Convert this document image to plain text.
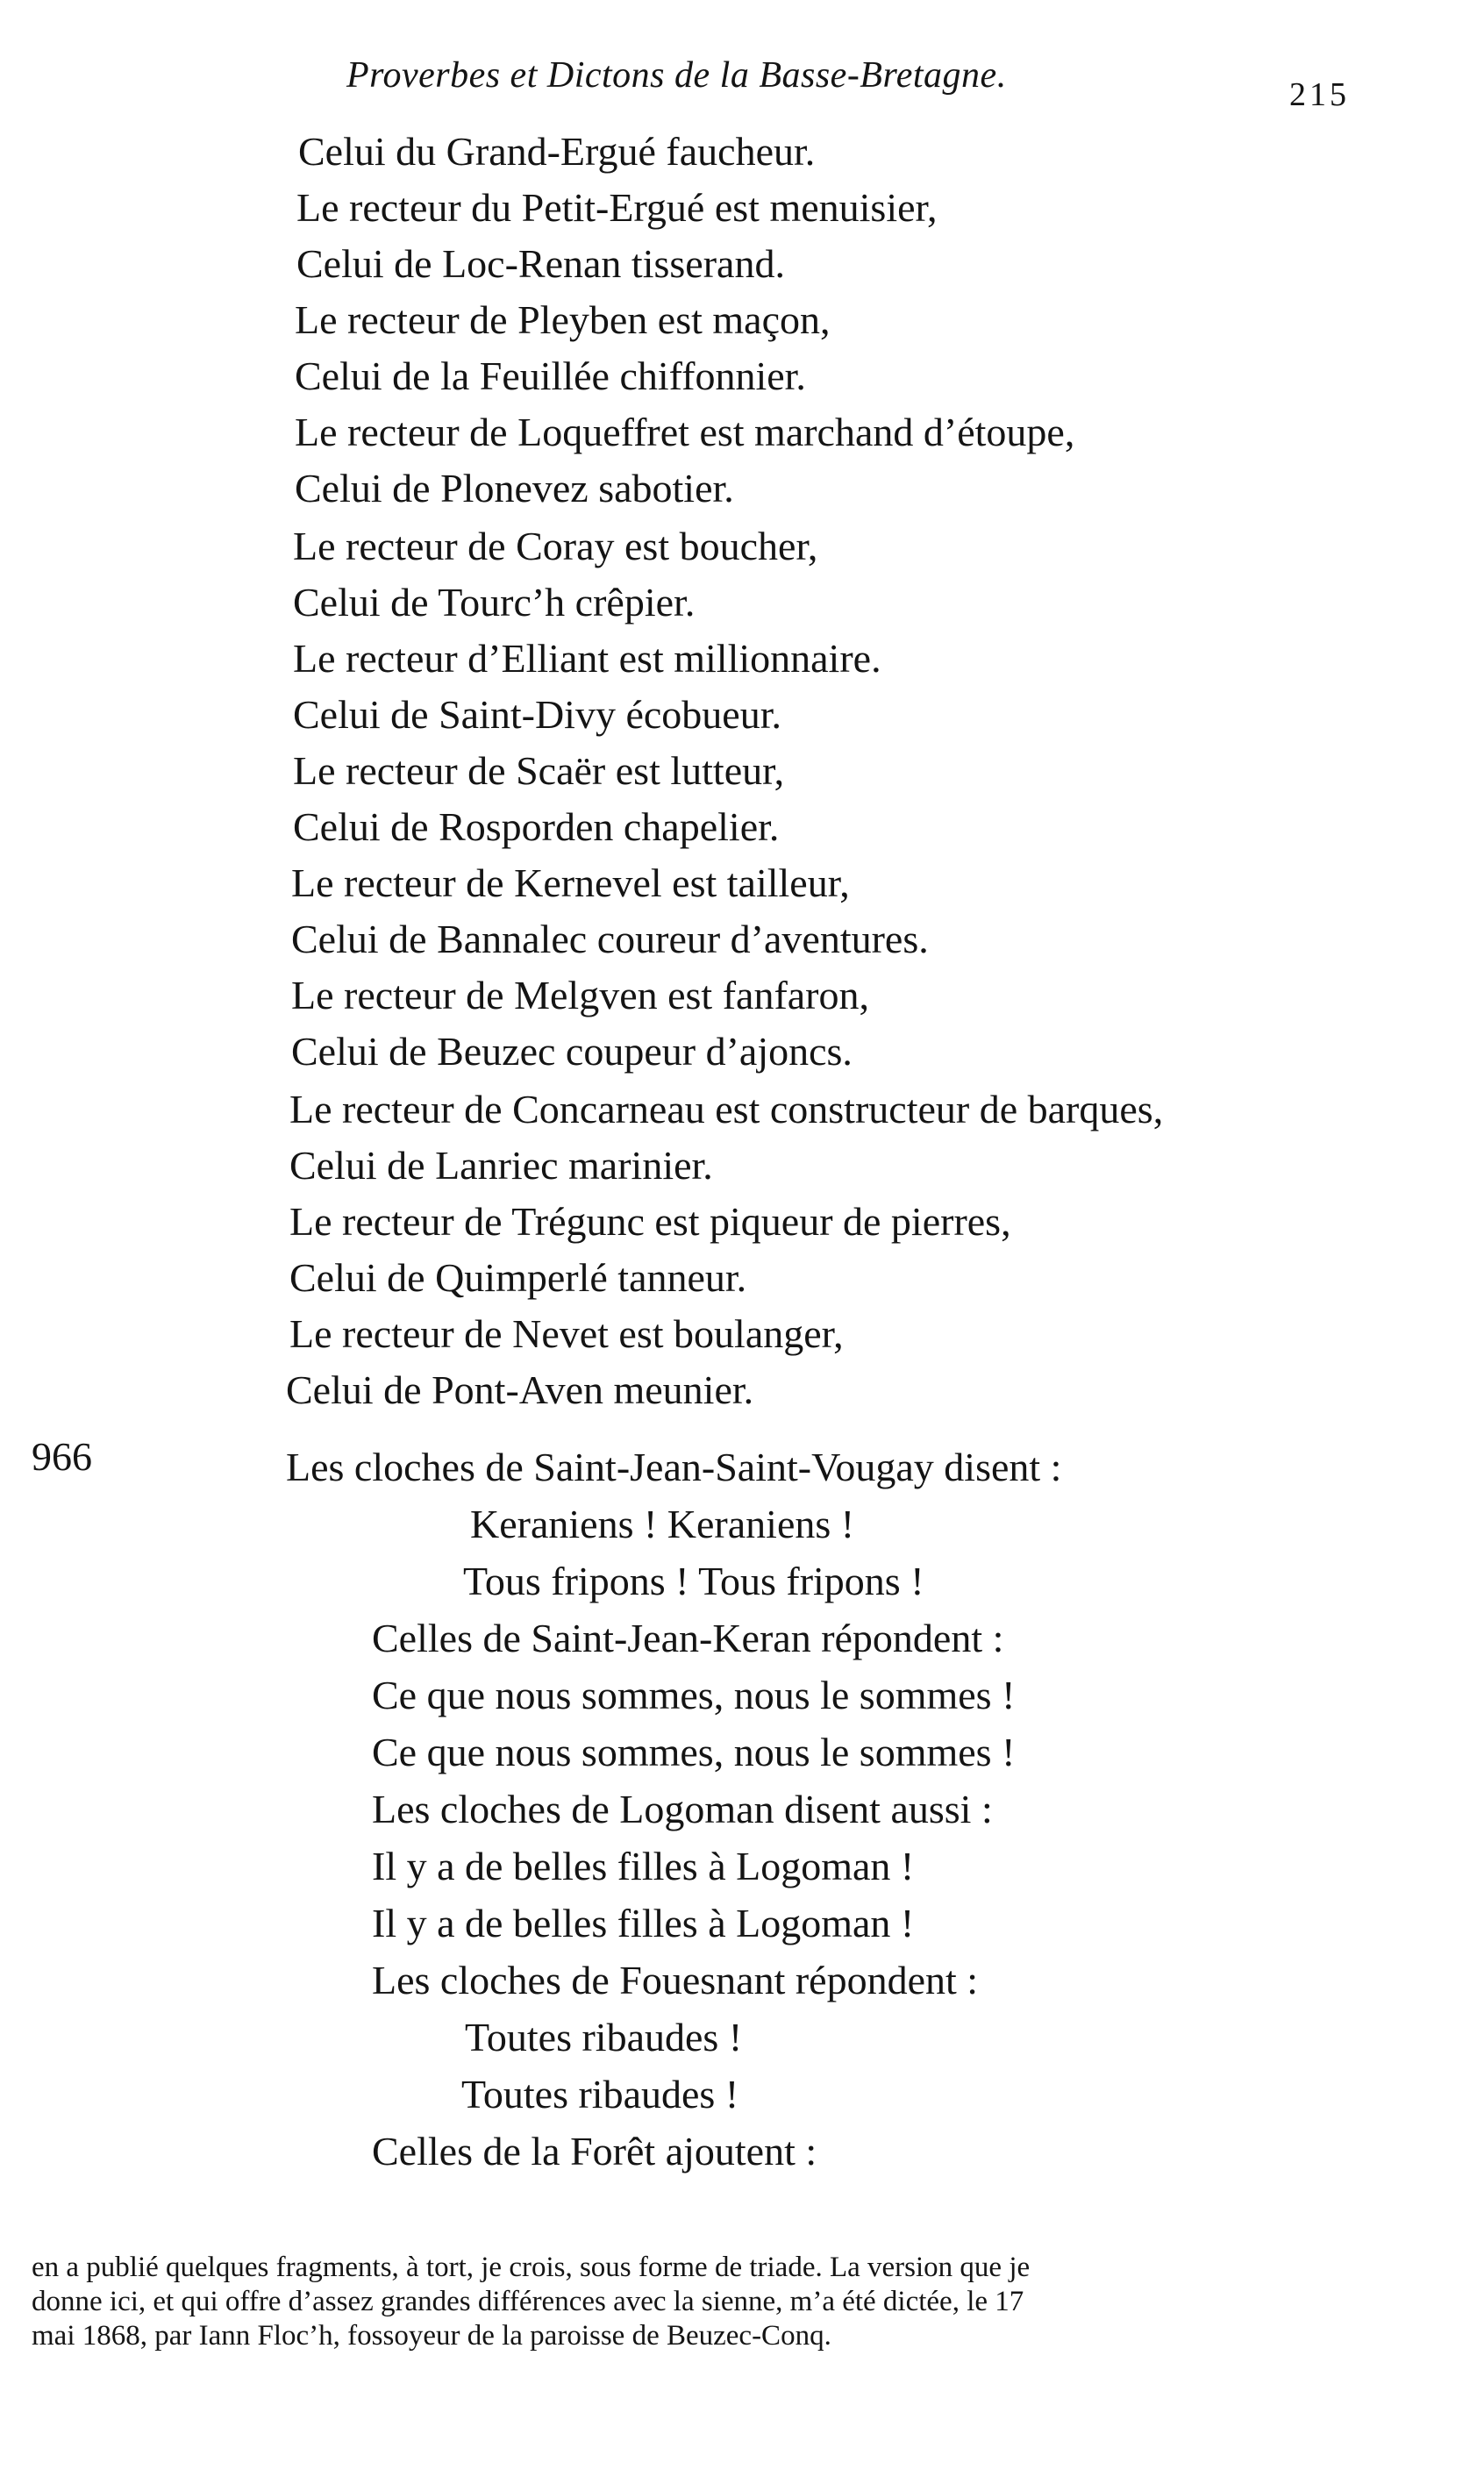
Proverbes et Dictons de la Basse-Bretagne.	215
Celui du Grand-Ergué faucheur.
Le recteur du Petit-Ergué est menuisier,
Celui de Loc-Renan tisserand.
Le recteur de Pleyben est maçon,
Celui de la Feuillée chiffonnier.
Le recteur de Loqueffret est marchand d’étoupe,
Celui de Plonevez sabotier.
Le recteur de Coray est boucher,
Celui de Tourc’h crêpier.
Le recteur d’Elliant est millionnaire.
Celui de Saint-Divy écobueur.
Le recteur de Scaër est lutteur,
Celui de Rosporden chapelier.
Le recteur de Kernevel est tailleur,
Celui de Bannalec coureur d’aventures.
Le recteur de Melgven est fanfaron,
Celui de Beuzec coupeur d’ajoncs.
Le recteur de Concarneau est constructeur de barques,
Celui de Lanriec marinier.
Le recteur de Trégunc est piqueur de pierres,
Celui de Quimperlé tanneur.
Le recteur de Nevet est boulanger,
Celui de Pont-Aven meunier.
966	Les cloches de Saint-Jean-Saint-Vougay disent :
Keraniens ! Keraniens !
Tous fripons ! Tous fripons !
Celles de Saint-Jean-Keran répondent :
Ce que nous sommes, nous le sommes !
Ce que nous sommes, nous le sommes !
Les cloches de Logoman disent aussi :
Il y a de belles filles à Logoman !
Il y a de belles filles à Logoman !
Les cloches de Fouesnant répondent :
Toutes ribaudes !
Toutes ribaudes !
Celles de la Forêt ajoutent :
en a publié quelques fragments, à tort, je crois, sous forme de triade. La version que je
donne ici, et qui offre d’assez grandes différences avec la sienne, m’a été dictée, le 17
mai 1868, par Iann Floc’h, fossoyeur de la paroisse de Beuzec-Conq.
